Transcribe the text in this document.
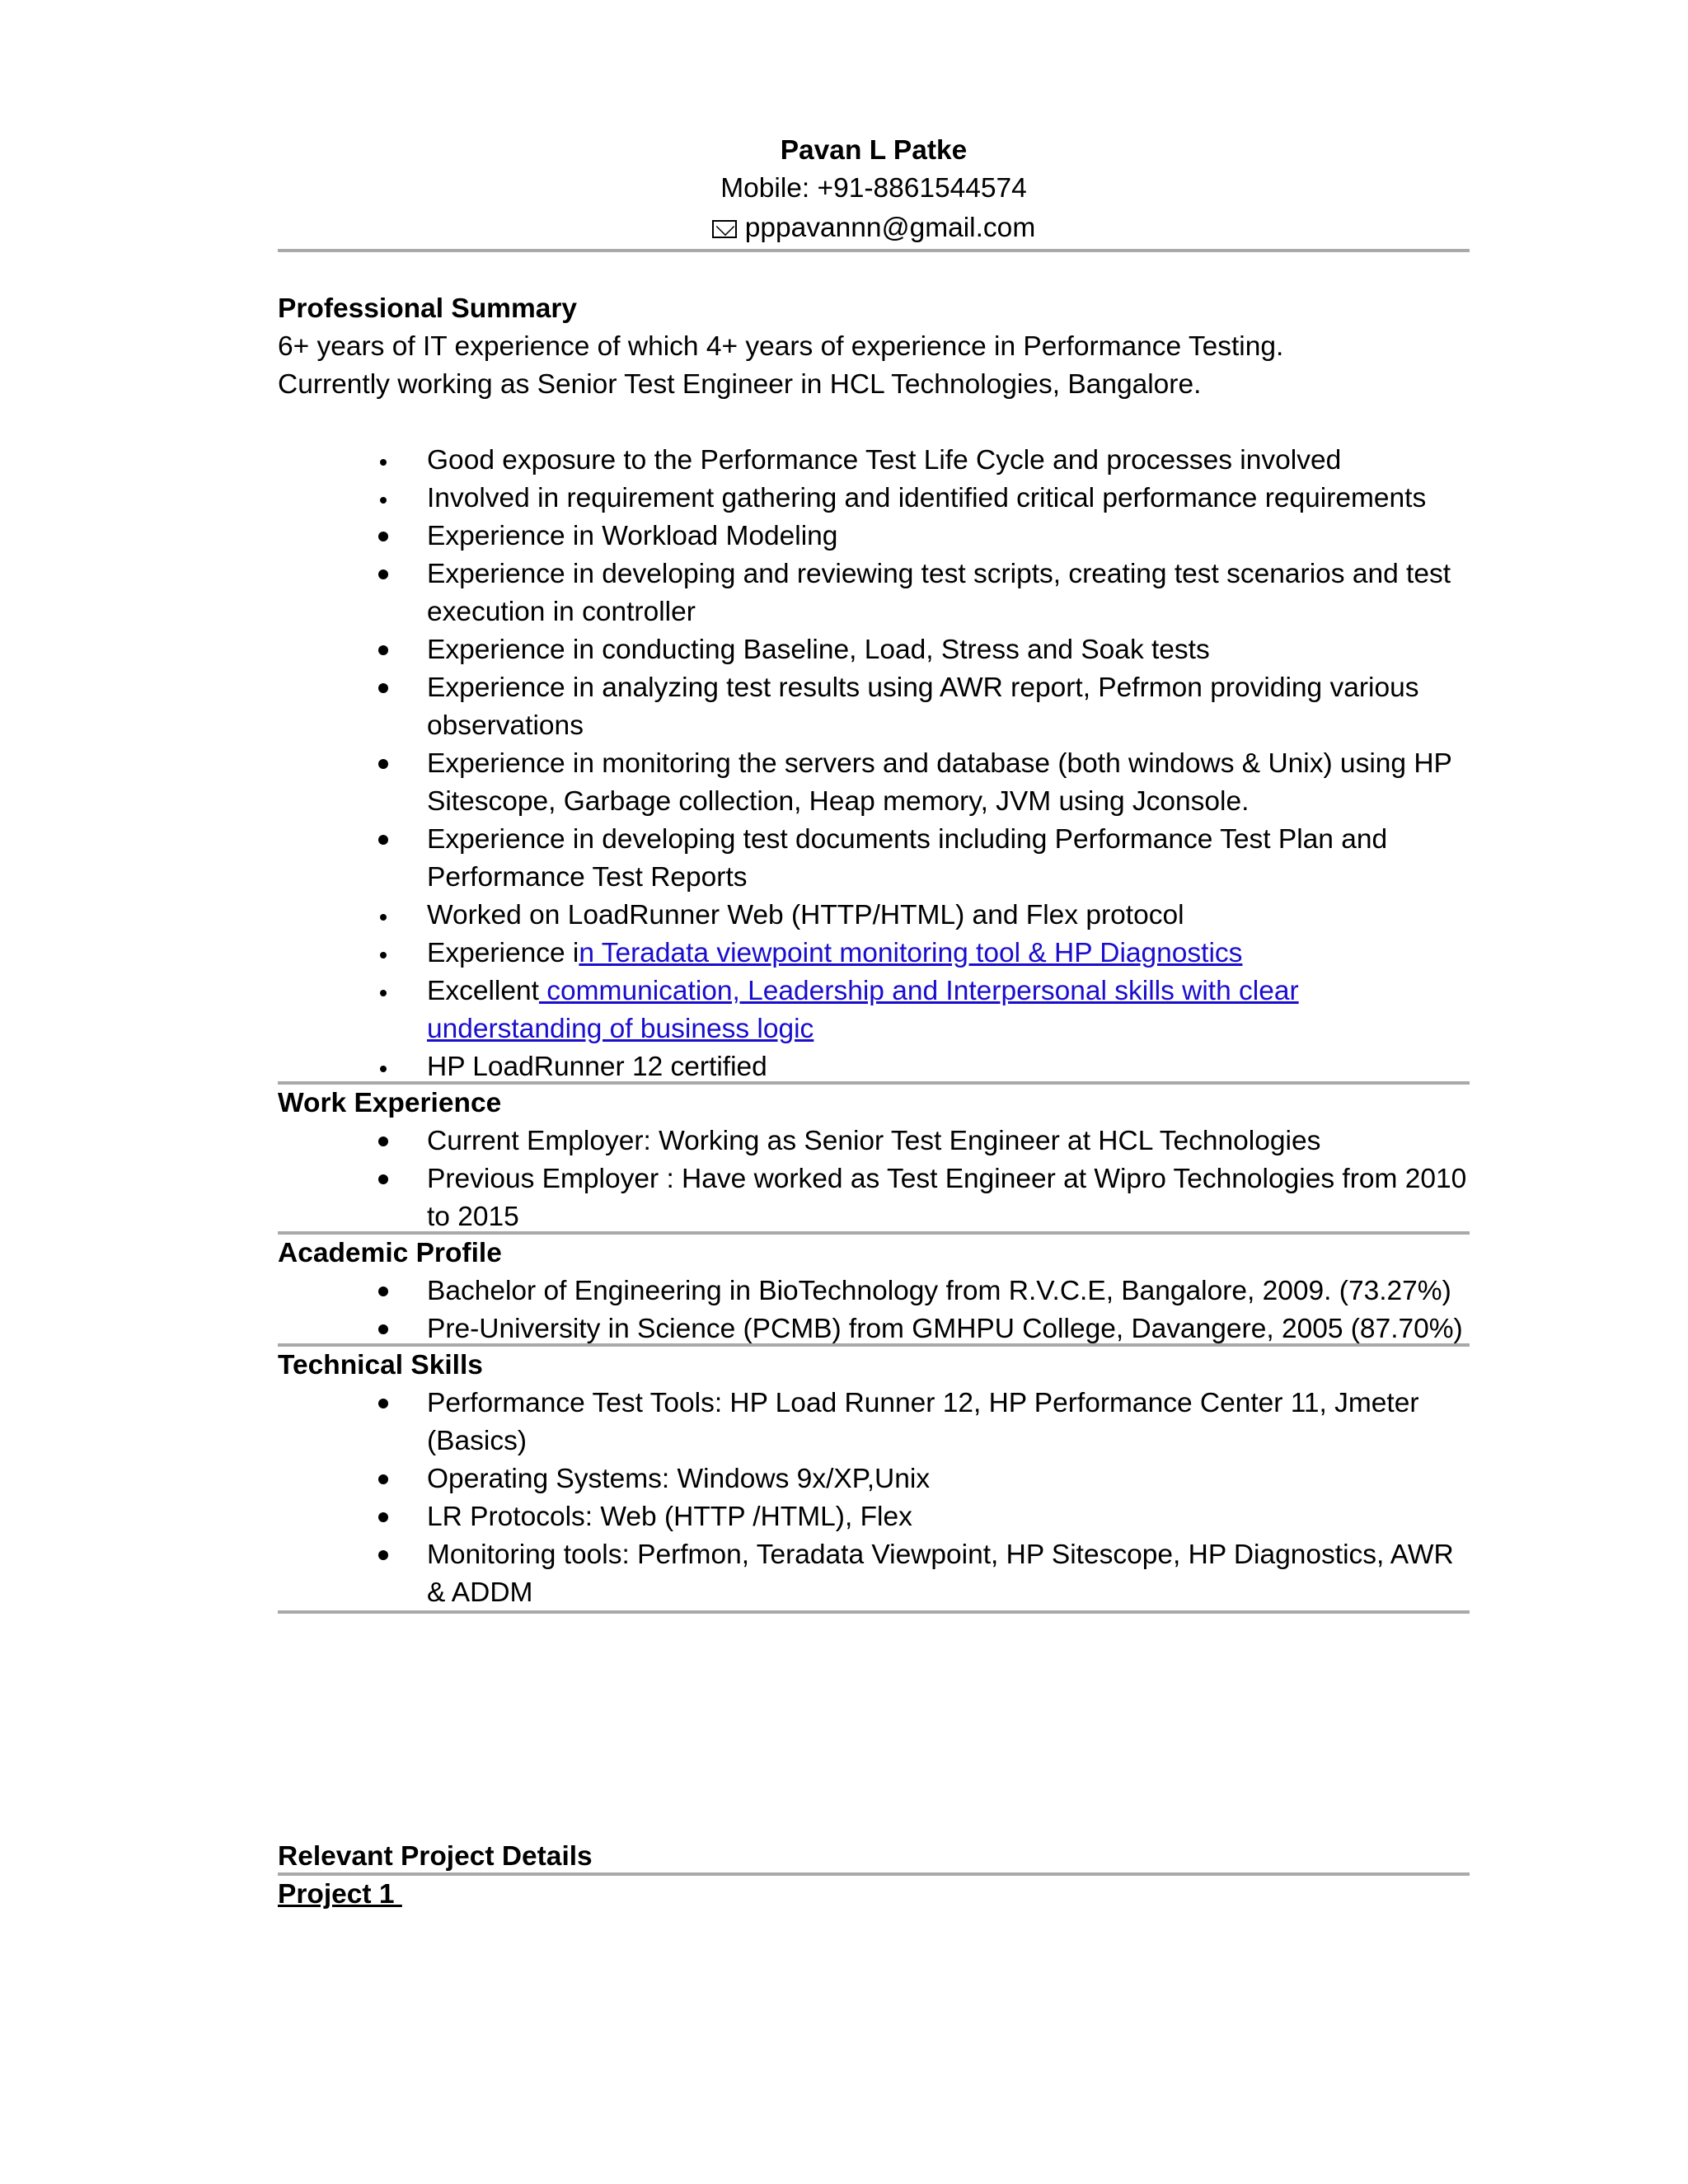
Pavan L Patke
Mobile: +91-8861544574
pppavannn@gmail.com
Professional Summary
6+ years of IT experience of which 4+ years of experience in Performance Testing.
Currently working as Senior Test Engineer in HCL Technologies, Bangalore.
Good exposure to the Performance Test Life Cycle and processes involved
Involved in requirement gathering and identified critical performance requirements
Experience in Workload Modeling
Experience in developing and reviewing test scripts, creating test scenarios and test execution in controller
Experience in conducting Baseline, Load, Stress and Soak tests
Experience in analyzing test results using AWR report, Pefrmon providing various observations
Experience in monitoring the servers and database (both windows & Unix) using HP Sitescope, Garbage collection, Heap memory, JVM using Jconsole.
Experience in developing test documents including Performance Test Plan and Performance Test Reports
Worked on LoadRunner Web (HTTP/HTML) and Flex protocol
Experience in Teradata viewpoint monitoring tool & HP Diagnostics
Excellent communication, Leadership and Interpersonal skills with clear understanding of business logic
HP LoadRunner 12 certified
Work Experience
Current Employer: Working as Senior Test Engineer at HCL Technologies
Previous Employer : Have worked as Test Engineer at Wipro Technologies from 2010 to 2015
Academic Profile
Bachelor of Engineering in BioTechnology from R.V.C.E, Bangalore, 2009. (73.27%)
Pre-University in Science (PCMB) from GMHPU College, Davangere, 2005 (87.70%)
Technical Skills
Performance Test Tools: HP Load Runner 12, HP Performance Center 11, Jmeter (Basics)
Operating Systems: Windows 9x/XP,Unix
LR Protocols: Web (HTTP /HTML), Flex
Monitoring tools: Perfmon, Teradata Viewpoint, HP Sitescope, HP Diagnostics, AWR & ADDM
Relevant Project Details
Project 1
